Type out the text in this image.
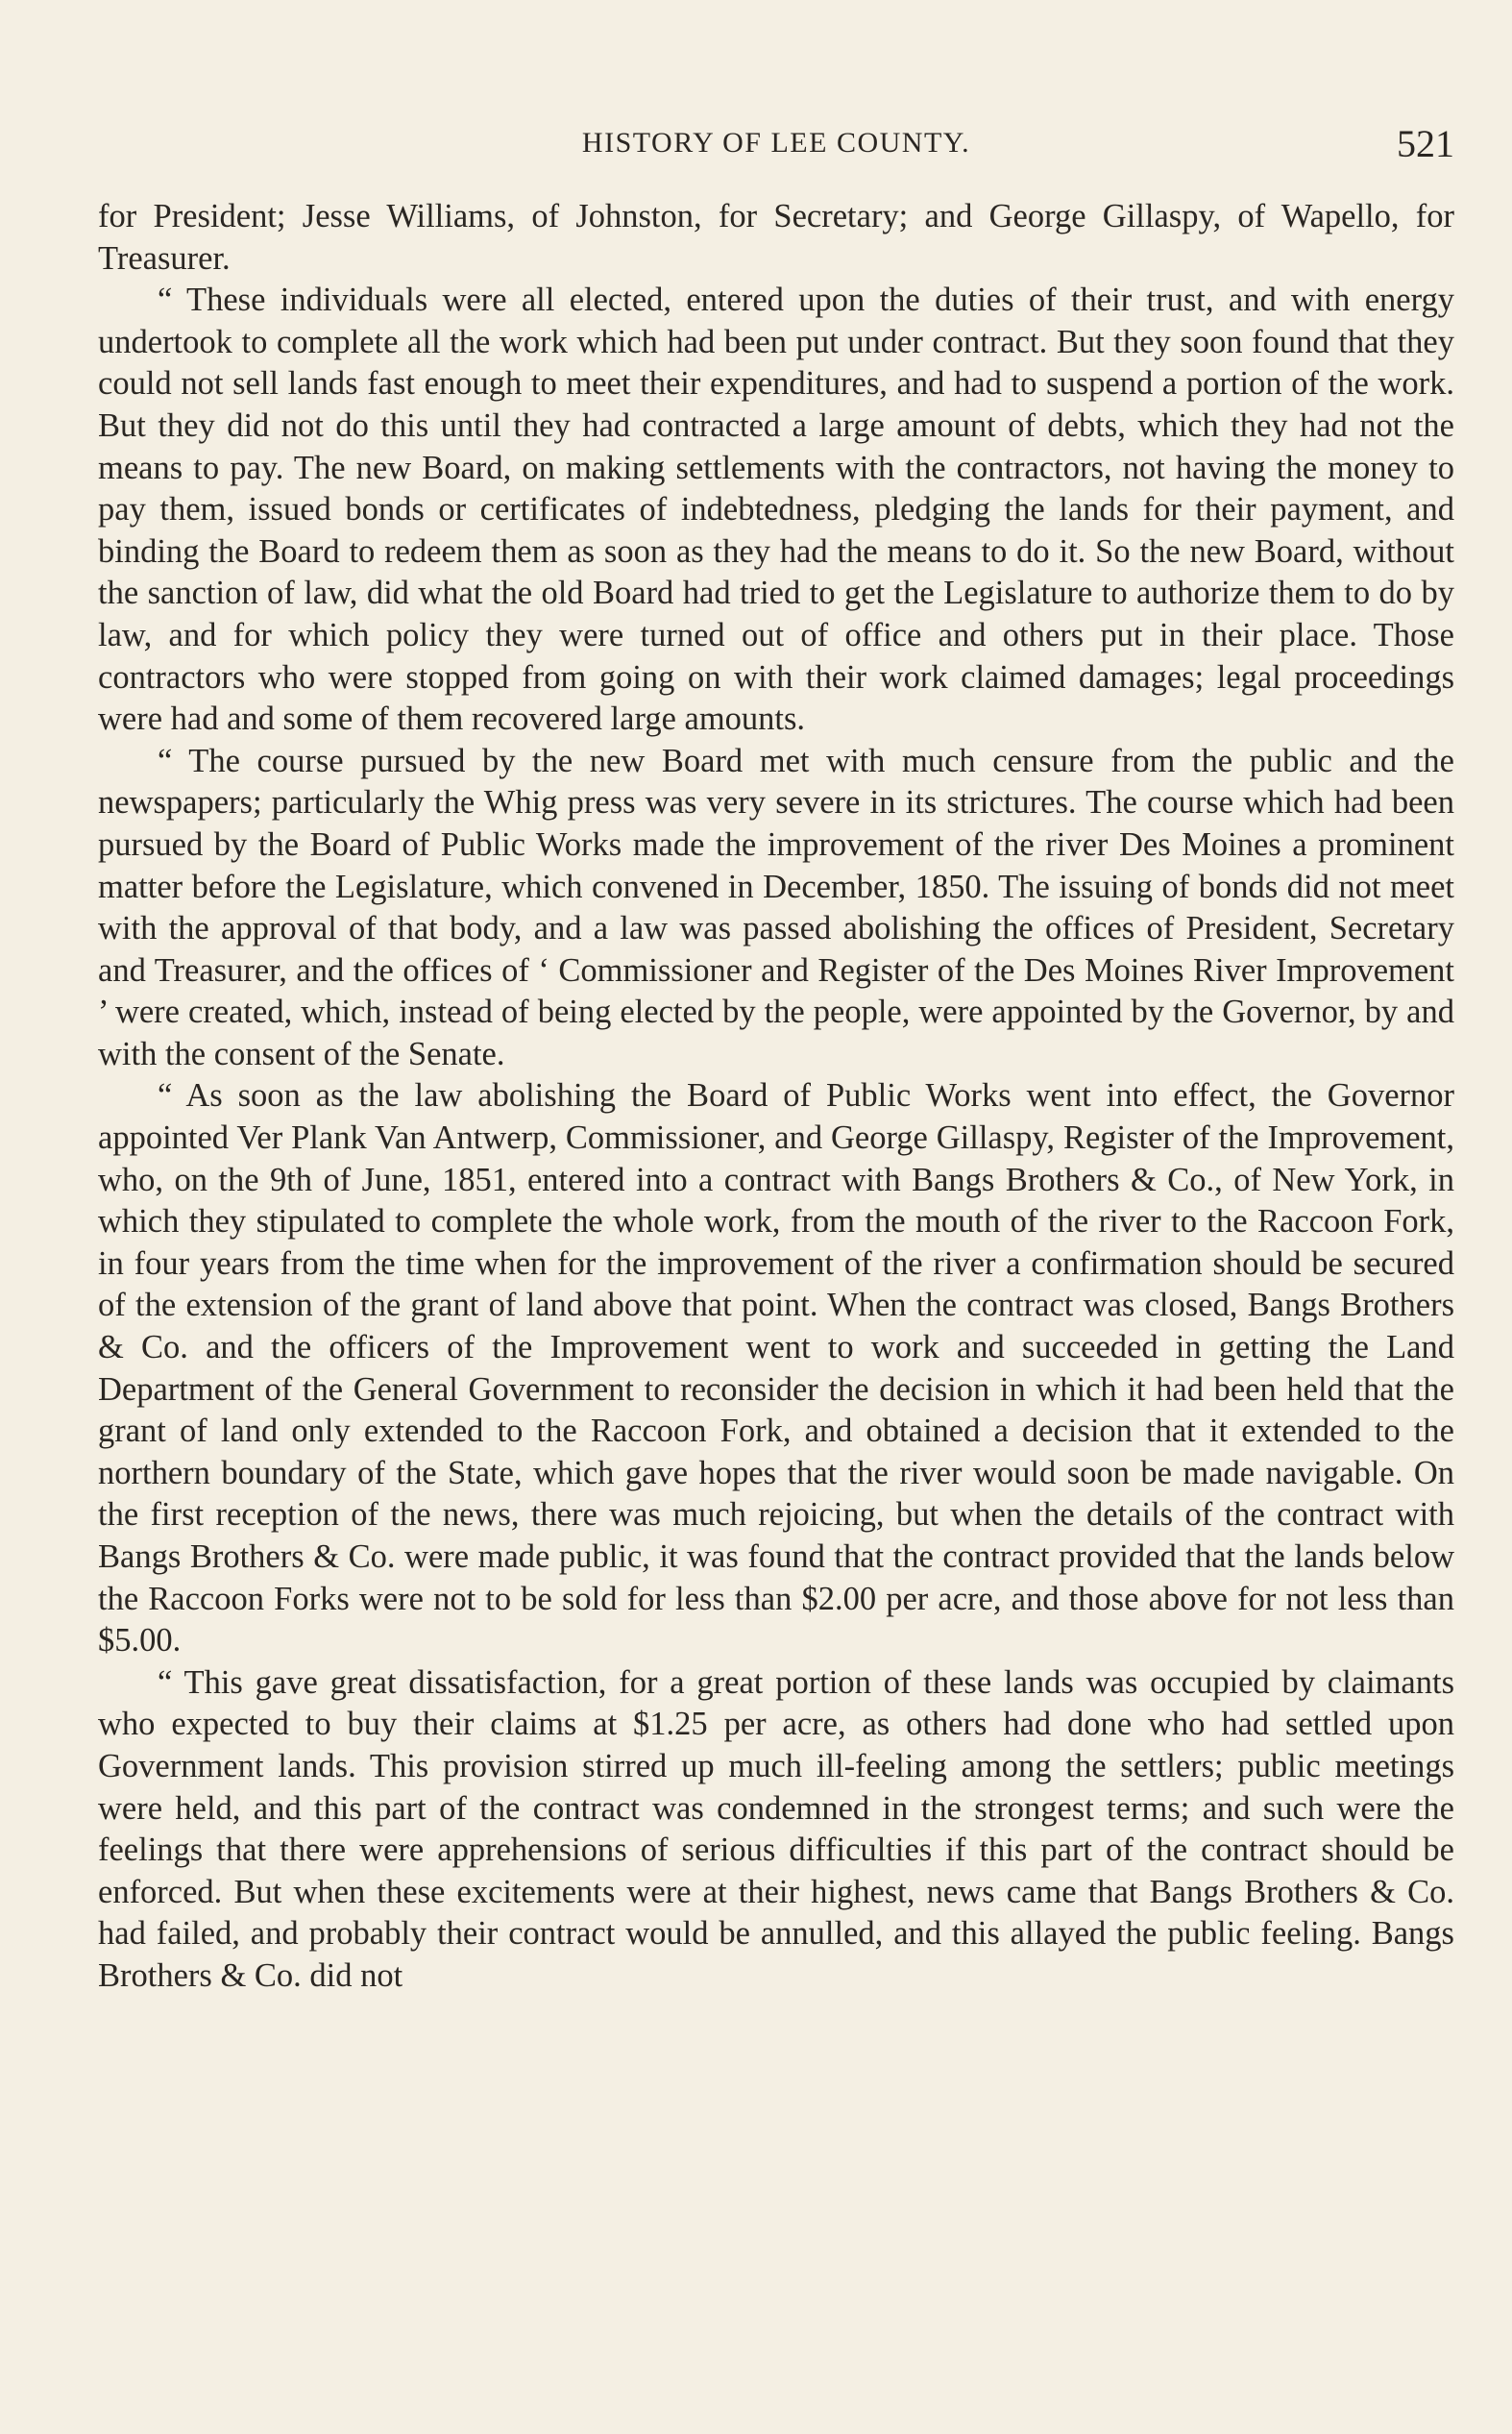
HISTORY OF LEE COUNTY.	521

for President; Jesse Williams, of Johnston, for Secretary; and George Gillaspy, of Wapello, for Treasurer.

“ These individuals were all elected, entered upon the duties of their trust, and with energy undertook to complete all the work which had been put under contract. But they soon found that they could not sell lands fast enough to meet their expenditures, and had to suspend a portion of the work. But they did not do this until they had contracted a large amount of debts, which they had not the means to pay. The new Board, on making settlements with the contractors, not having the money to pay them, issued bonds or certificates of indebtedness, pledging the lands for their payment, and binding the Board to redeem them as soon as they had the means to do it. So the new Board, without the sanction of law, did what the old Board had tried to get the Legislature to authorize them to do by law, and for which policy they were turned out of office and others put in their place. Those contractors who were stopped from going on with their work claimed damages; legal proceedings were had and some of them recovered large amounts.

“ The course pursued by the new Board met with much censure from the public and the newspapers; particularly the Whig press was very severe in its strictures. The course which had been pursued by the Board of Public Works made the improvement of the river Des Moines a prominent matter before the Legislature, which convened in December, 1850. The issuing of bonds did not meet with the approval of that body, and a law was passed abolishing the offices of President, Secretary and Treasurer, and the offices of ‘ Commissioner and Register of the Des Moines River Improvement ’ were created, which, instead of being elected by the people, were appointed by the Governor, by and with the consent of the Senate.

“ As soon as the law abolishing the Board of Public Works went into effect, the Governor appointed Ver Plank Van Antwerp, Commissioner, and George Gillaspy, Register of the Improvement, who, on the 9th of June, 1851, entered into a contract with Bangs Brothers & Co., of New York, in which they stipulated to complete the whole work, from the mouth of the river to the Raccoon Fork, in four years from the time when for the improvement of the river a confirmation should be secured of the extension of the grant of land above that point. When the contract was closed, Bangs Brothers & Co. and the officers of the Improvement went to work and succeeded in getting the Land Department of the General Government to reconsider the decision in which it had been held that the grant of land only extended to the Raccoon Fork, and obtained a decision that it extended to the northern boundary of the State, which gave hopes that the river would soon be made navigable. On the first reception of the news, there was much rejoicing, but when the details of the contract with Bangs Brothers & Co. were made public, it was found that the contract provided that the lands below the Raccoon Forks were not to be sold for less than $2.00 per acre, and those above for not less than $5.00.

“ This gave great dissatisfaction, for a great portion of these lands was occupied by claimants who expected to buy their claims at $1.25 per acre, as others had done who had settled upon Government lands. This provision stirred up much ill-feeling among the settlers; public meetings were held, and this part of the contract was condemned in the strongest terms; and such were the feelings that there were apprehensions of serious difficulties if this part of the contract should be enforced. But when these excitements were at their highest, news came that Bangs Brothers & Co. had failed, and probably their contract would be annulled, and this allayed the public feeling. Bangs Brothers & Co. did not
